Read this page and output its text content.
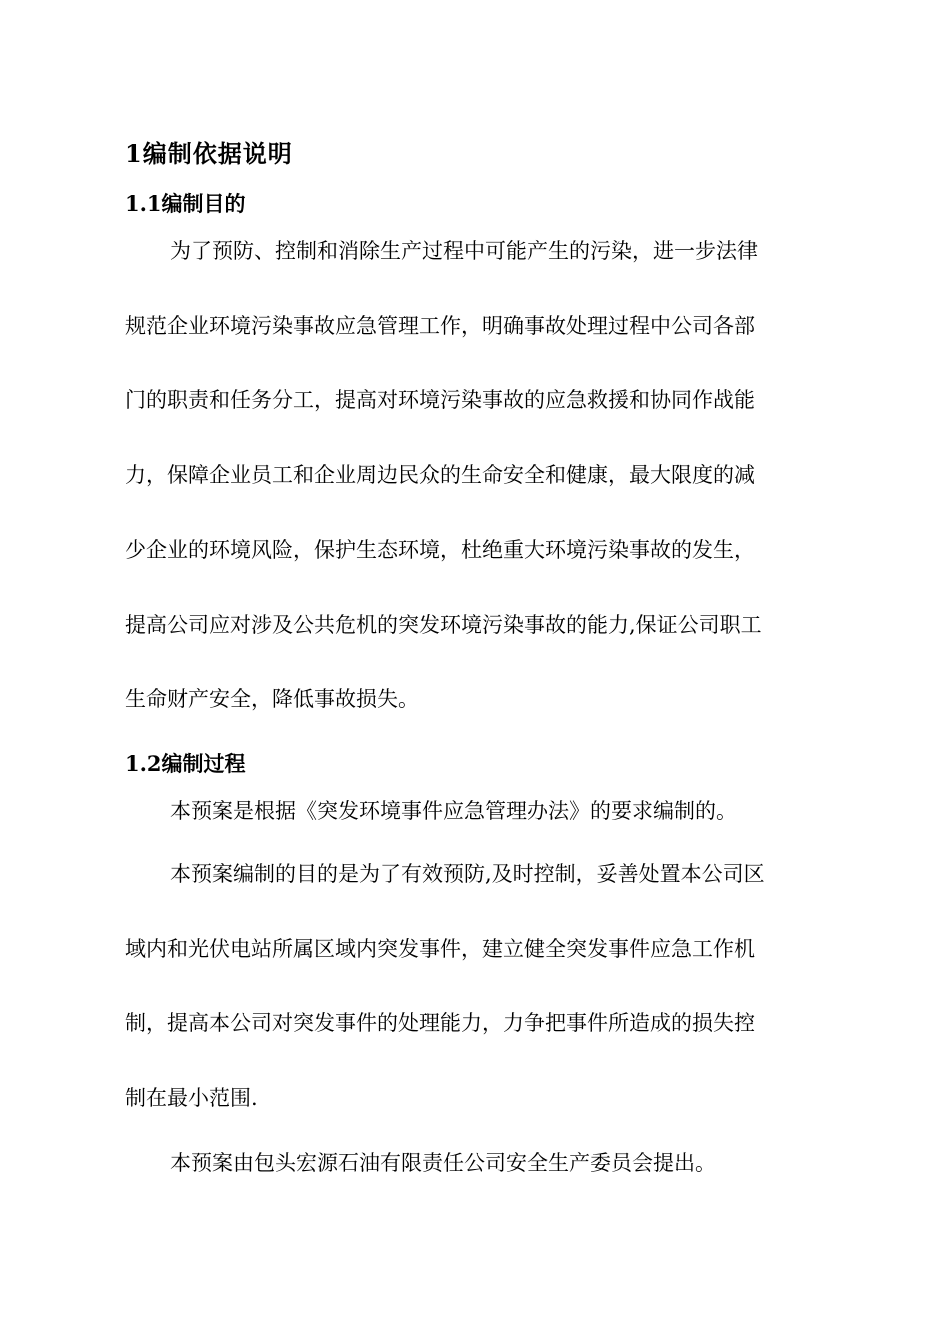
1编制依据说明
1.1编制目的
为了预防、控制和消除生产过程中可能产生的污染，进一步法律
规范企业环境污染事故应急管理工作，明确事故处理过程中公司各部
门的职责和任务分工，提高对环境污染事故的应急救援和协同作战能
力，保障企业员工和企业周边民众的生命安全和健康，最大限度的减
少企业的环境风险，保护生态环境，杜绝重大环境污染事故的发生，
提高公司应对涉及公共危机的突发环境污染事故的能力,保证公司职工
生命财产安全，降低事故损失。
1.2编制过程
本预案是根据《突发环境事件应急管理办法》的要求编制的。
本预案编制的目的是为了有效预防,及时控制，妥善处置本公司区
域内和光伏电站所属区域内突发事件，建立健全突发事件应急工作机
制，提高本公司对突发事件的处理能力，力争把事件所造成的损失控
制在最小范围.
本预案由包头宏源石油有限责任公司安全生产委员会提出。
